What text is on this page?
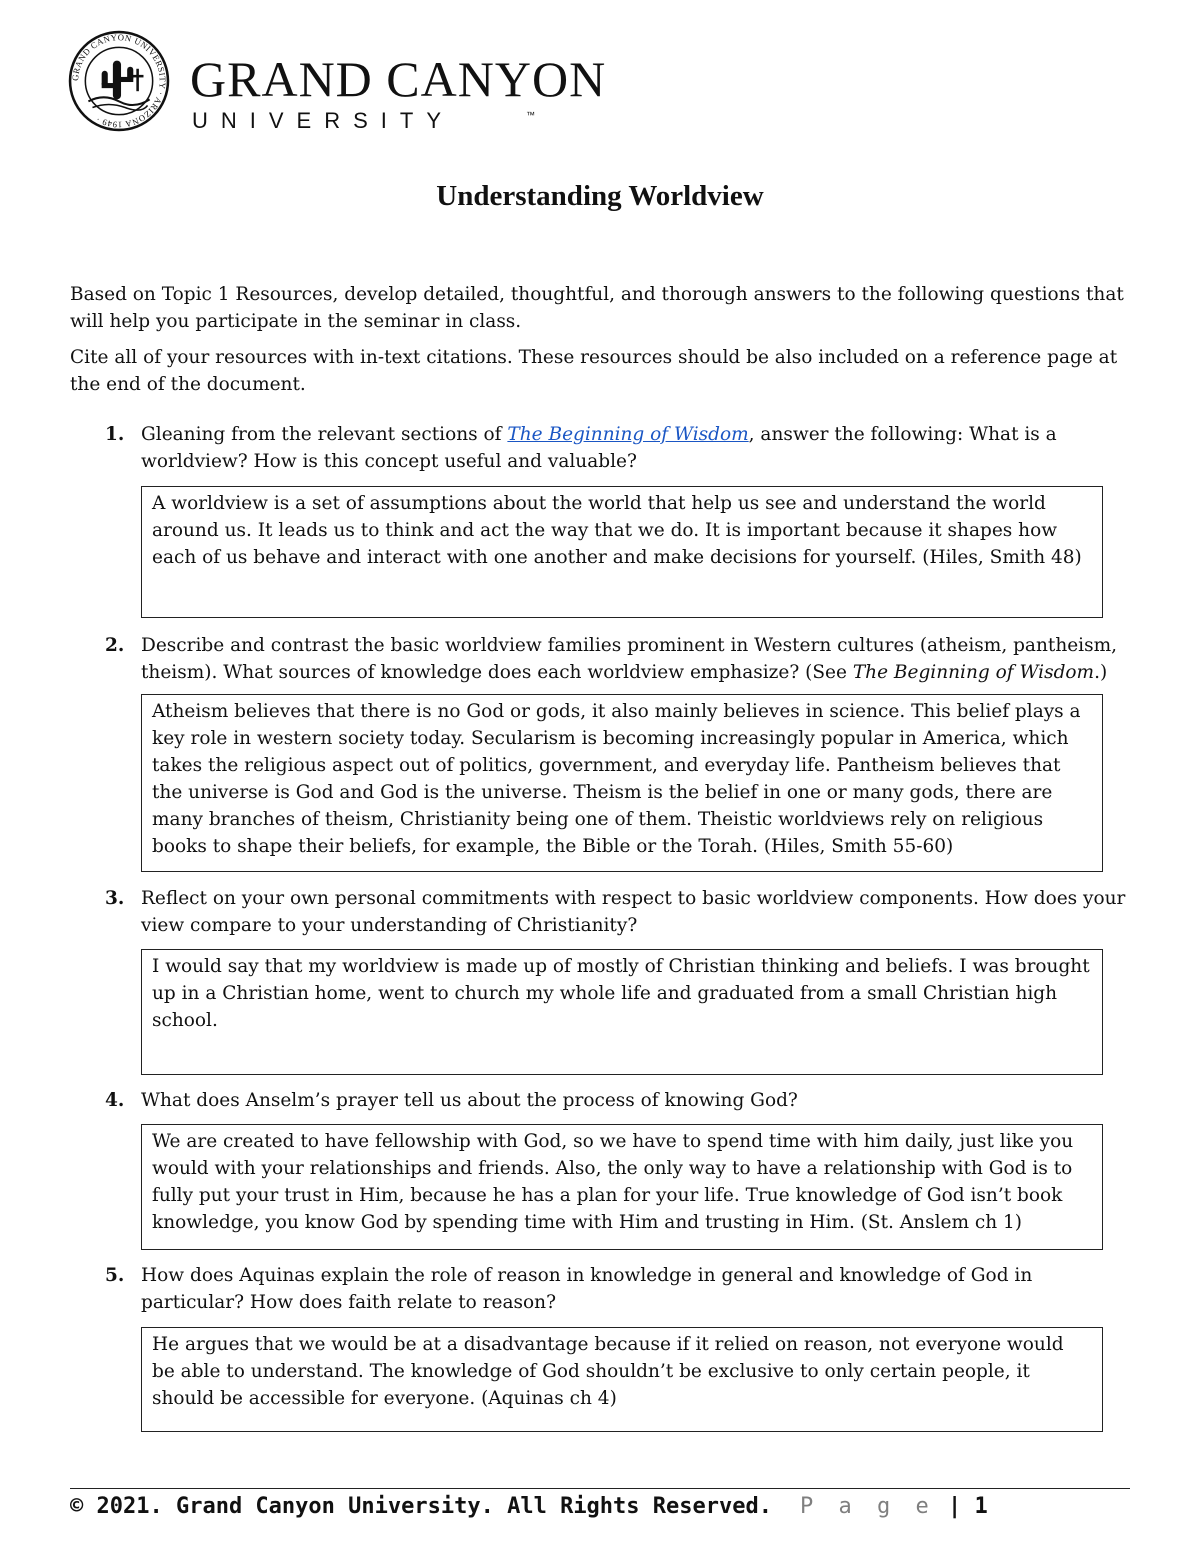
GRAND CANYON UNIVERSITY · ARIZONA 1949 ·
GRAND CANYON
UNIVERSITY	™
Understanding Worldview
Based on Topic 1 Resources, develop detailed, thoughtful, and thorough answers to the following questions that will help you participate in the seminar in class.
Cite all of your resources with in-text citations. These resources should be also included on a reference page at the end of the document.
1. Gleaning from the relevant sections of The Beginning of Wisdom, answer the following: What is a worldview? How is this concept useful and valuable?
A worldview is a set of assumptions about the world that help us see and understand the world around us. It leads us to think and act the way that we do. It is important because it shapes how each of us behave and interact with one another and make decisions for yourself. (Hiles, Smith 48)
2. Describe and contrast the basic worldview families prominent in Western cultures (atheism, pantheism, theism). What sources of knowledge does each worldview emphasize? (See The Beginning of Wisdom.)
Atheism believes that there is no God or gods, it also mainly believes in science. This belief plays a key role in western society today. Secularism is becoming increasingly popular in America, which takes the religious aspect out of politics, government, and everyday life. Pantheism believes that the universe is God and God is the universe. Theism is the belief in one or many gods, there are many branches of theism, Christianity being one of them. Theistic worldviews rely on religious books to shape their beliefs, for example, the Bible or the Torah. (Hiles, Smith 55-60)
3. Reflect on your own personal commitments with respect to basic worldview components. How does your view compare to your understanding of Christianity?
I would say that my worldview is made up of mostly of Christian thinking and beliefs. I was brought up in a Christian home, went to church my whole life and graduated from a small Christian high school.
4. What does Anselm’s prayer tell us about the process of knowing God?
We are created to have fellowship with God, so we have to spend time with him daily, just like you would with your relationships and friends. Also, the only way to have a relationship with God is to fully put your trust in Him, because he has a plan for your life. True knowledge of God isn’t book knowledge, you know God by spending time with Him and trusting in Him. (St. Anslem ch 1)
5. How does Aquinas explain the role of reason in knowledge in general and knowledge of God in particular? How does faith relate to reason?
He argues that we would be at a disadvantage because if it relied on reason, not everyone would be able to understand. The knowledge of God shouldn’t be exclusive to only certain people, it should be accessible for everyone. (Aquinas ch 4)
© 2021. Grand Canyon University. All Rights Reserved. P a g e | 1
